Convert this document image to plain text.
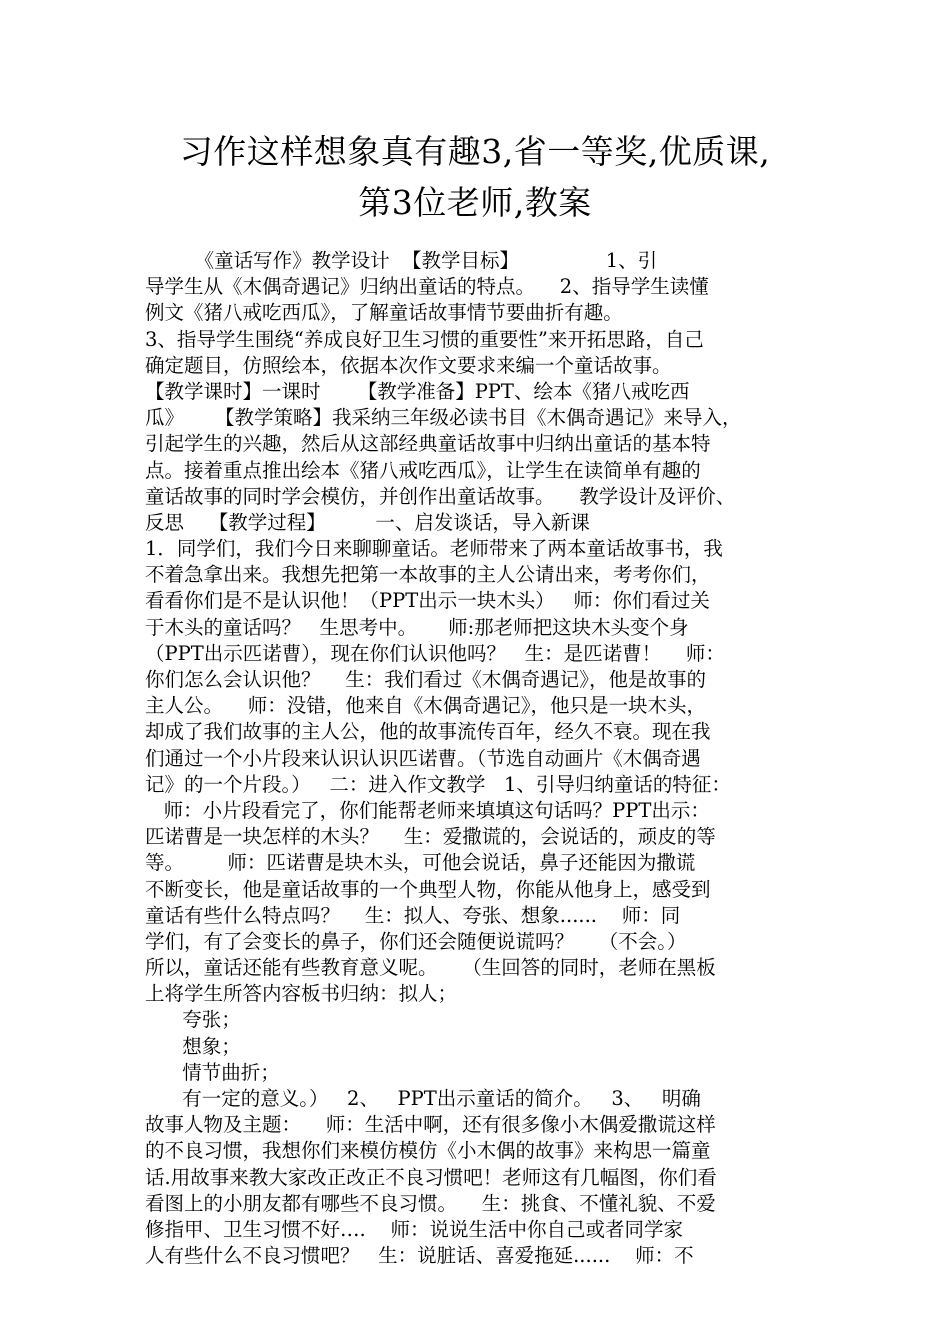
习作这样想象真有趣3,省一等奖,优质课,
第3位老师,教案
《童话写作》教学设计  【教学目标】              1、引
导学生从《木偶奇遇记》归纳出童话的特点。    2、指导学生读懂
例文《猪八戒吃西瓜》，了解童话故事情节要曲折有趣。
3、指导学生围绕“养成良好卫生习惯的重要性”来开拓思路，自己
确定题目，仿照绘本，依据本次作文要求来编一个童话故事。
【教学课时】一课时      【教学准备】PPT、绘本《猪八戒吃西
瓜》     【教学策略】我采纳三年级必读书目《木偶奇遇记》来导入，
引起学生的兴趣，然后从这部经典童话故事中归纳出童话的基本特
点。接着重点推出绘本《猪八戒吃西瓜》，让学生在读简单有趣的
童话故事的同时学会模仿，并创作出童话故事。    教学设计及评价、
反思    【教学过程】        一、启发谈话，导入新课
1．同学们，我们今日来聊聊童话。老师带来了两本童话故事书，我
不着急拿出来。我想先把第一本故事的主人公请出来，考考你们，
看看你们是不是认识他！（PPT出示一块木头）   师：你们看过关
于木头的童话吗？   生思考中。     师:那老师把这块木头变个身
（PPT出示匹诺曹），现在你们认识他吗？   生：是匹诺曹！    师：
你们怎么会认识他？    生：我们看过《木偶奇遇记》，他是故事的
主人公。    师：没错，他来自《木偶奇遇记》，他只是一块木头，
却成了我们故事的主人公，他的故事流传百年，经久不衰。现在我
们通过一个小片段来认识认识匹诺曹。（节选自动画片《木偶奇遇
记》的一个片段。）   二：进入作文教学   1、引导归纳童话的特征：
师：小片段看完了，你们能帮老师来填填这句话吗？PPT出示：
匹诺曹是一块怎样的木头？    生：爱撒谎的，会说话的，顽皮的等
等。       师：匹诺曹是块木头，可他会说话，鼻子还能因为撒谎
不断变长，他是童话故事的一个典型人物，你能从他身上，感受到
童话有些什么特点吗？    生：拟人、夸张、想象......    师：同
学们，有了会变长的鼻子，你们还会随便说谎吗？    （不会。）
所以，童话还能有些教育意义呢。    （生回答的同时，老师在黑板
上将学生所答内容板书归纳：拟人；
夸张；
想象；
情节曲折；
有一定的意义。）   2、   PPT出示童话的简介。   3、   明确
故事人物及主题：    师：生活中啊，还有很多像小木偶爱撒谎这样
的不良习惯，我想你们来模仿模仿《小木偶的故事》来构思一篇童
话.用故事来教大家改正改正不良习惯吧！老师这有几幅图，你们看
看图上的小朋友都有哪些不良习惯。    生：挑食、不懂礼貌、不爱
修指甲、卫生习惯不好….    师：说说生活中你自己或者同学家
人有些什么不良习惯吧？   生：说脏话、喜爱拖延......    师：不
